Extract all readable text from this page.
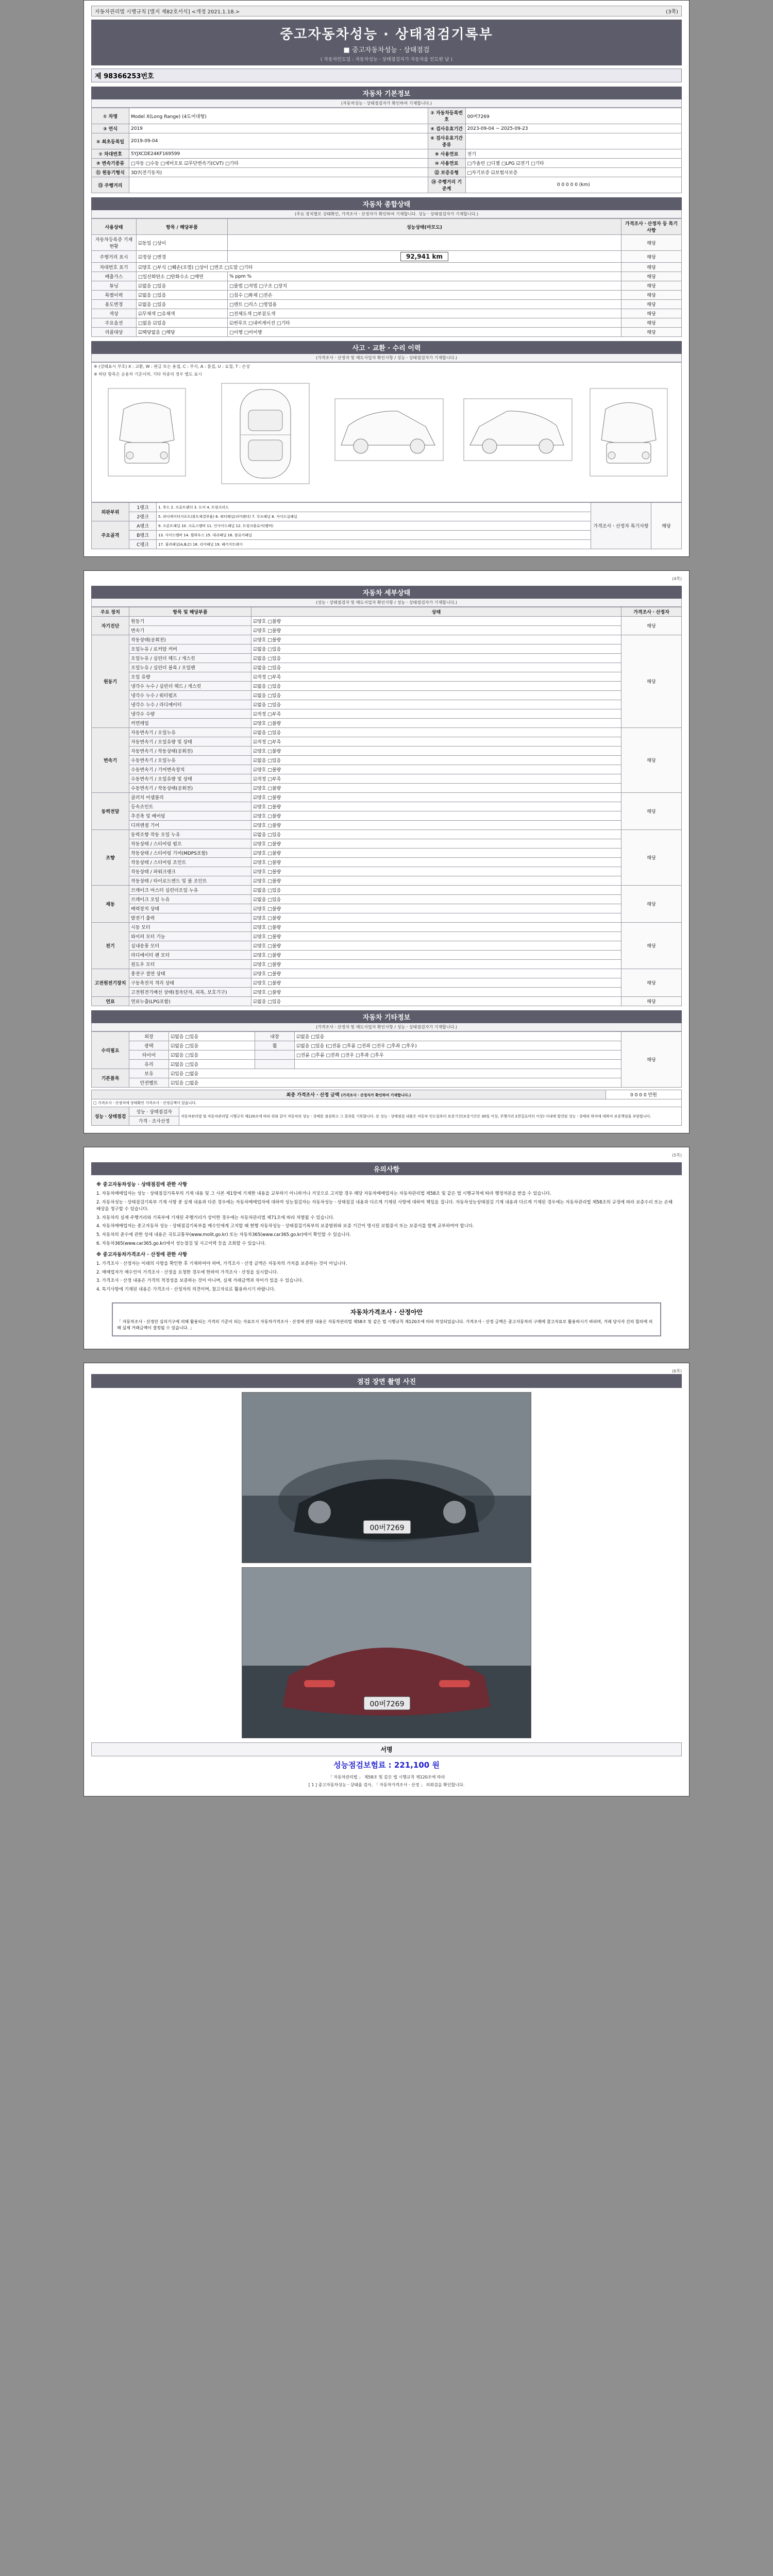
자동차관리법 시행규칙 [별지 제82호서식] <개정 2021.1.18.>	(3쪽)
중고자동차성능 · 상태점검기록부
■ 중고자동차성능 · 상태점검
( 자동차인도일 : 자동차성능ㆍ상태점검자가 자동차를 인도한 날 )
제 98366253번호
자동차 기본정보
(자동차성능ㆍ상태점검자가 확인하여 기재합니다.)
① 차명	Model X(Long Range) (4도어대형)	② 자동차등록번호	00버7269
③ 연식	2019	④ 검사유효기간	2023-09-04 ~ 2025-09-23
⑤ 최초등록일	2019-09-04	⑥ 검사유효기간 종류	
⑦ 차대번호	5YJXCDE24KF169599	⑧ 사용연료	전기
⑨ 변속기종류	□자동 □수동 □세미오토 ☑무단변속기(CVT) □기타	⑩ 사용연료	□가솔린 □디젤 □LPG ☑전기 □기타
⑪ 원동기형식	3D7(전기동차)	⑫ 보증유형	□자기보증 ☑보험사보증
⑬ 주행거리		⑭ 주행거리 기준계	0 0 0 0 0 (km)
자동차 종합상태
(주요 장치별로 상태확인, 가격조사ㆍ산정자가 확인하여 기재합니다. 성능ㆍ상태점검자가 기재합니다.)
사용상태	항목 / 해당부품	성능상태(마모도)	가격조사ㆍ산정자 등 특기사항
자동차등록증 기재 현황	☑동일 □상이		해당
주행거리 표시	☑정상 □변경	92,941 km	해당
차대번호 표기	☑양호 □부식 □훼손(오염) □상이 □변조 □도말 □기타		해당
배출가스	□일산화탄소 □탄화수소 □매연	% ppm %	해당
튜닝	☑없음 □있음	□불법 □적법 □구조 □장치	해당
특별이력	☑없음 □있음	□침수 □화재 □전손	해당
용도변경	☑없음 □있음	□렌트 □리스 □영업용	해당
색상	☑무채색 □유채색	□전체도색 □부분도색	해당
주요옵션	□없음 ☑있음	☑썬루프 □내비게이션 □기타	해당
리콜대상	☑해당없음 □해당	□이행 □미이행	해당
사고 · 교환 · 수리 이력
(가격조사ㆍ산정자 및 매도사업자 확인사항 / 성능ㆍ상태점검자가 기재합니다.)
※ (상태표시 부호) X : 교환, W : 판금 또는 용접, C : 부식, A : 흠집, U : 요철, T : 손상
※ 하단 항목은 승용차 기준이며, 기타 차종의 경우 별도 표시
외판부위	1랭크	1. 후드 2. 프론트펜더 3. 도어 4. 트렁크리드	가격조사ㆍ산정자 특기사항	해당
	2랭크	5. 라디에이터서포트(볼트체결부품) 6. 쿼터패널(리어펜더) 7. 루프패널 8. 사이드실패널		
주요골격	A랭크	9. 프론트패널 10. 크로스멤버 11. 인사이드패널 12. 트렁크플로어(멤버)		
	B랭크	13. 사이드멤버 14. 휠하우스 15. 대쉬패널 16. 플로어패널		
	C랭크	17. 필러패널(A,B,C) 18. 리어패널 19. 패키지트레이		
(4쪽)
자동차 세부상태
(성능ㆍ상태점검자 및 매도사업자 확인사항 / 성능ㆍ상태점검자가 기재합니다.)
주요 장치	항목 및 해당부품	상태	가격조사ㆍ산정자
자기진단	원동기	☑양호 □불량	해당
	변속기	☑양호 □불량	
원동기	작동상태(공회전)	☑양호 □불량	해당
	오일누유 / 로커암 커버	☑없음 □있음	
	오일누유 / 실린더 헤드 / 개스킷	☑없음 □있음	
	오일누유 / 실린더 블록 / 오일팬	☑없음 □있음	
	오일 유량	☑적정 □부족	
	냉각수 누수 / 실린더 헤드 / 개스킷	☑없음 □있음	
	냉각수 누수 / 워터펌프	☑없음 □있음	
	냉각수 누수 / 라디에이터	☑없음 □있음	
	냉각수 수량	☑적정 □부족	
	커먼레일	☑양호 □불량	
변속기	자동변속기 / 오일누유	☑없음 □있음	해당
	자동변속기 / 오일유량 및 상태	☑적정 □부족	
	자동변속기 / 작동상태(공회전)	☑양호 □불량	
	수동변속기 / 오일누유	☑없음 □있음	
	수동변속기 / 기어변속장치	☑양호 □불량	
	수동변속기 / 오일유량 및 상태	☑적정 □부족	
	수동변속기 / 작동상태(공회전)	☑양호 □불량	
동력전달	클러치 어셈블리	☑양호 □불량	해당
	등속조인트	☑양호 □불량	
	추진축 및 베어링	☑양호 □불량	
	디퍼렌셜 기어	☑양호 □불량	
조향	동력조향 작동 오일 누유	☑없음 □있음	해당
	작동상태 / 스티어링 펌프	☑양호 □불량	
	작동상태 / 스티어링 기어(MDPS포함)	☑양호 □불량	
	작동상태 / 스티어링 조인트	☑양호 □불량	
	작동상태 / 파워크랭크	☑양호 □불량	
	작동상태 / 타이로드엔드 및 볼 조인트	☑양호 □불량	
제동	브레이크 마스터 실린더오일 누유	☑없음 □있음	해당
	브레이크 오일 누유	☑없음 □있음	
	배력장치 상태	☑양호 □불량	
	발전기 출력	☑양호 □불량	
전기	시동 모터	☑양호 □불량	해당
	와이퍼 모터 기능	☑양호 □불량	
	실내송풍 모터	☑양호 □불량	
	라디에이터 팬 모터	☑양호 □불량	
	윈도우 모터	☑양호 □불량	
고전원전기장치	충전구 절연 상태	☑양호 □불량	해당
	구동축전지 격리 상태	☑양호 □불량	
	고전원전기배선 상태(접속단자, 피복, 보호기구)	☑양호 □불량	
연료	연료누출(LPG포함)	☑없음 □있음	해당
자동차 기타정보
(가격조사ㆍ산정자 및 매도사업자 확인사항 / 성능ㆍ상태점검자가 기재합니다.)
수리필요	외장	☑없음 □있음	내장	☑없음 □있음	해당
	광택	☑없음 □있음	휠	☑없음 □있음 (□전륜 □후륜 □전좌 □전우 □후좌 □후우)	
	타이어	☑없음 □있음		□전륜 □후륜 □전좌 □전우 □후좌 □후우	
	유리	☑없음 □있음			
기본품목	보유	☑있음 □없음			
	안전벨트	☑있음 □없음			
최종 가격조사 · 산정 금액 (가격조사ㆍ산정자가 확인하여 기재합니다.)			0 0 0 0 만원
□ 가격조사ㆍ산정자에 상태확인 가격조사ㆍ산정금액이 있습니다.			
성능ㆍ상태점검	성능 · 상태점검자	자동차관리법 및 자동차관리법 시행규칙 제120조에 따라 위와 같이 자동차의 성능ㆍ상태를 점검하고 그 결과를 기록합니다. 본 성능ㆍ상태점검 내용은 자동차 인도일부터 보증기간(보증기간은 30일 이상, 주행거리 2천킬로미터 이상) 이내에 발견된 성능ㆍ상태의 하자에 대하여 보증책임을 부담합니다.	
	가격 · 조사산정		
(5쪽)
유의사항
※ 중고자동차성능 · 상태점검에 관한 사항

1. 자동차매매업자는 성능ㆍ상태점검기록부의 기재 내용 및 그 사본 제1항에 기재한 내용을 교부하기 아니하거나 거짓으로 고지할 경우 해당 자동차매매업자는 자동차관리법 제58조 및 같은 법 시행규칙에 따라 행정처분을 받을 수 있습니다.

2. 자동차성능ㆍ상태점검기록부 기재 사항 중 실제 내용과 다른 경우에는 자동차매매업자에 대하여 성능점검자는 자동차성능ㆍ상태점검 내용과 다르게 기재된 사항에 대하여 책임을 집니다. 자동차성능상태점검 기재 내용과 다르게 기재된 경우에는 자동차관리법 제58조의 규정에 따라 보증수리 또는 손해배상을 청구할 수 있습니다.

3. 자동차의 실제 주행거리와 기록부에 기재된 주행거리가 상이한 경우에는 자동차관리법 제71조에 따라 처벌될 수 있습니다.

4. 자동차매매업자는 중고자동차 성능ㆍ상태점검기록부를 매수인에게 고지할 때 현행 자동차성능ㆍ상태점검기록부의 보증범위와 보증 기간이 명시된 보험증서 또는 보증서를 함께 교부하여야 합니다.

5. 자동차의 준수에 관한 상세 내용은 국토교통부(www.molit.go.kr) 또는 자동차365(www.car365.go.kr)에서 확인할 수 있습니다.

6. 자동차365(www.car365.go.kr)에서 성능점검 및 사고이력 등을 조회할 수 있습니다.

※ 중고자동차가격조사 · 산정에 관한 사항

1. 가격조사ㆍ산정자는 이래의 사항을 확인한 후 기재하여야 하며, 가격조사ㆍ산정 금액은 자동차의 가치를 보증하는 것이 아닙니다.

2. 매매업자가 매수인이 가격조사ㆍ산정을 요청한 경우에 한하여 가격조사ㆍ산정을 실시합니다.

3. 가격조사ㆍ산정 내용은 가격의 적정성을 보증하는 것이 아니며, 실제 거래금액과 차이가 있을 수 있습니다.

4. 특기사항에 기재된 내용은 가격조사ㆍ산정자의 의견이며, 참고자료로 활용하시기 바랍니다.

자동차가격조사 · 산정아안
「 자동차조사ㆍ산정안 심의기구에 의해 활용되는 가격의 기준이 되는 자료로서 자동차가격조사ㆍ산정에 관한 내용은 자동차관리법 제58조 및 같은 법 시행규칙 제120조에 따라 작성되었습니다. 가격조사ㆍ산정 금액은 중고자동차의 구매에 참고자료로 활용하시기 바라며, 거래 당사자 간의 합의에 의해 실제 거래금액이 결정될 수 있습니다. 」
(6쪽)
점검 장면 촬영 사진
00버7269
00버7269
서명
성능점검보험료 : 221,100 원
「 자동차관리법 」 제58조 및 같은 법 시행규칙 제120조에 따라
[ 1 ] 중고자동차성능ㆍ상태를 검사, 「 자동차가격조사ㆍ산정 」 의뢰검을 확인합니다.
